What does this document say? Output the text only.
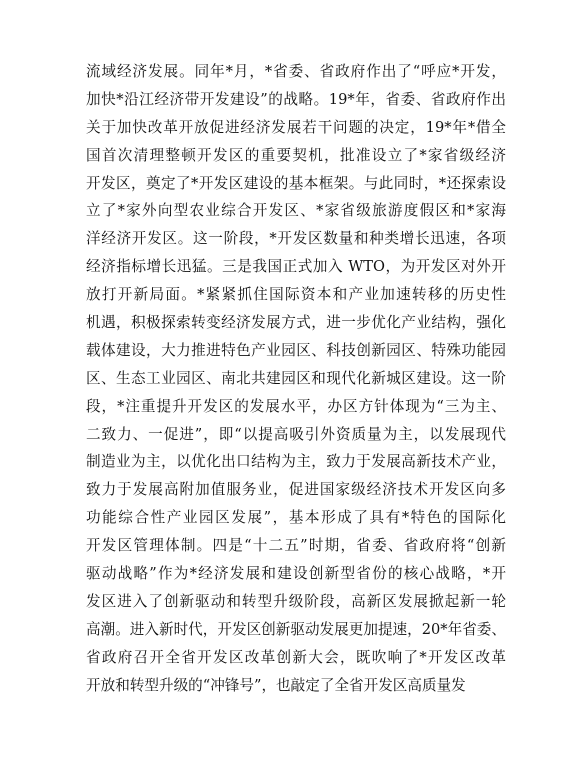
流域经济发展。同年*月，*省委、省政府作出了“呼应*开发，
加快*沿江经济带开发建设”的战略。19*年，省委、省政府作出
关于加快改革开放促进经济发展若干问题的决定，19*年*借全
国首次清理整顿开发区的重要契机，批准设立了*家省级经济
开发区，奠定了*开发区建设的基本框架。与此同时，*还探索设
立了*家外向型农业综合开发区、*家省级旅游度假区和*家海
洋经济开发区。这一阶段，*开发区数量和种类增长迅速，各项
经济指标增长迅猛。三是我国正式加入 WTO，为开发区对外开
放打开新局面。*紧紧抓住国际资本和产业加速转移的历史性
机遇，积极探索转变经济发展方式，进一步优化产业结构，强化
载体建设，大力推进特色产业园区、科技创新园区、特殊功能园
区、生态工业园区、南北共建园区和现代化新城区建设。这一阶
段，*注重提升开发区的发展水平，办区方针体现为“三为主、
二致力、一促进”，即“以提高吸引外资质量为主，以发展现代
制造业为主，以优化出口结构为主，致力于发展高新技术产业，
致力于发展高附加值服务业，促进国家级经济技术开发区向多
功能综合性产业园区发展”，基本形成了具有*特色的国际化
开发区管理体制。四是“十二五”时期，省委、省政府将“创新
驱动战略”作为*经济发展和建设创新型省份的核心战略，*开
发区进入了创新驱动和转型升级阶段，高新区发展掀起新一轮
高潮。进入新时代，开发区创新驱动发展更加提速，20*年省委、
省政府召开全省开发区改革创新大会，既吹响了*开发区改革
开放和转型升级的“冲锋号”，也敲定了全省开发区高质量发
